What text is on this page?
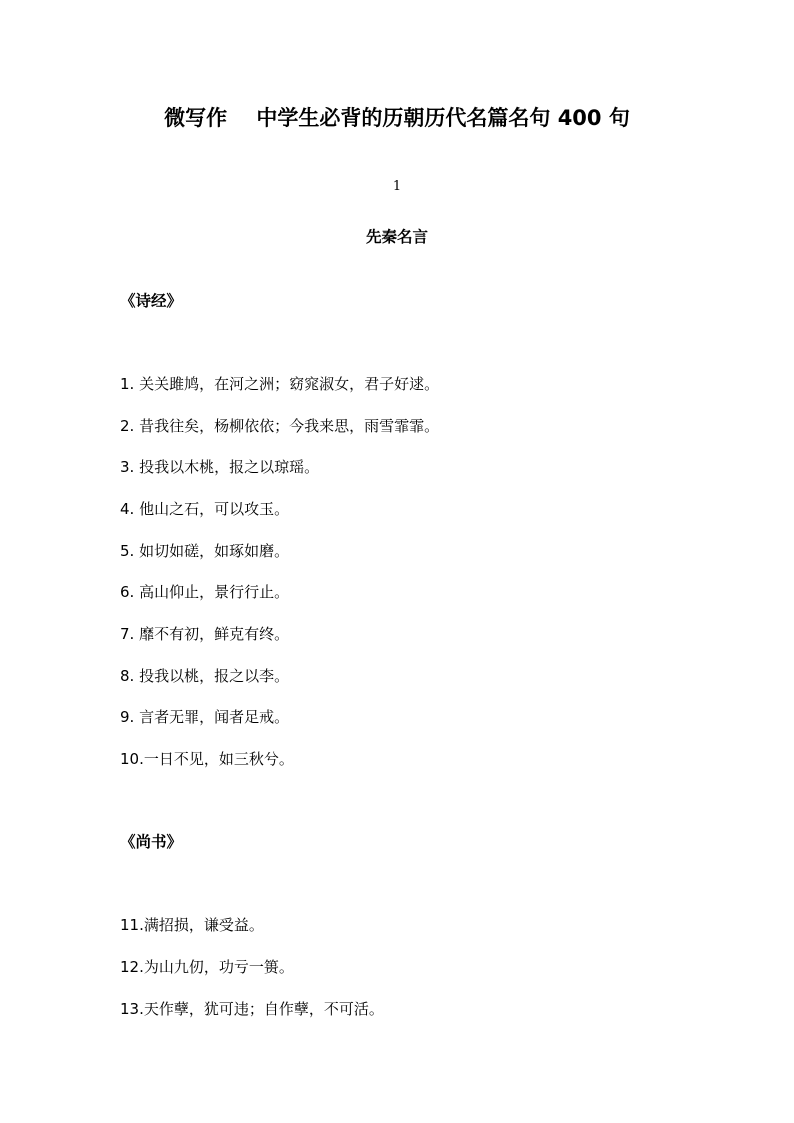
微写作    中学生必背的历朝历代名篇名句 400 句
1
先秦名言
《诗经》
1. 关关雎鸠，在河之洲；窈窕淑女，君子好逑。
2. 昔我往矣，杨柳依依；今我来思，雨雪霏霏。
3. 投我以木桃，报之以琼瑶。
4. 他山之石，可以攻玉。
5. 如切如磋，如琢如磨。
6. 高山仰止，景行行止。
7. 靡不有初，鲜克有终。
8. 投我以桃，报之以李。
9. 言者无罪，闻者足戒。
10.一日不见，如三秋兮。
《尚书》
11.满招损，谦受益。
12.为山九仞，功亏一篑。
13.天作孽，犹可违；自作孽，不可活。
